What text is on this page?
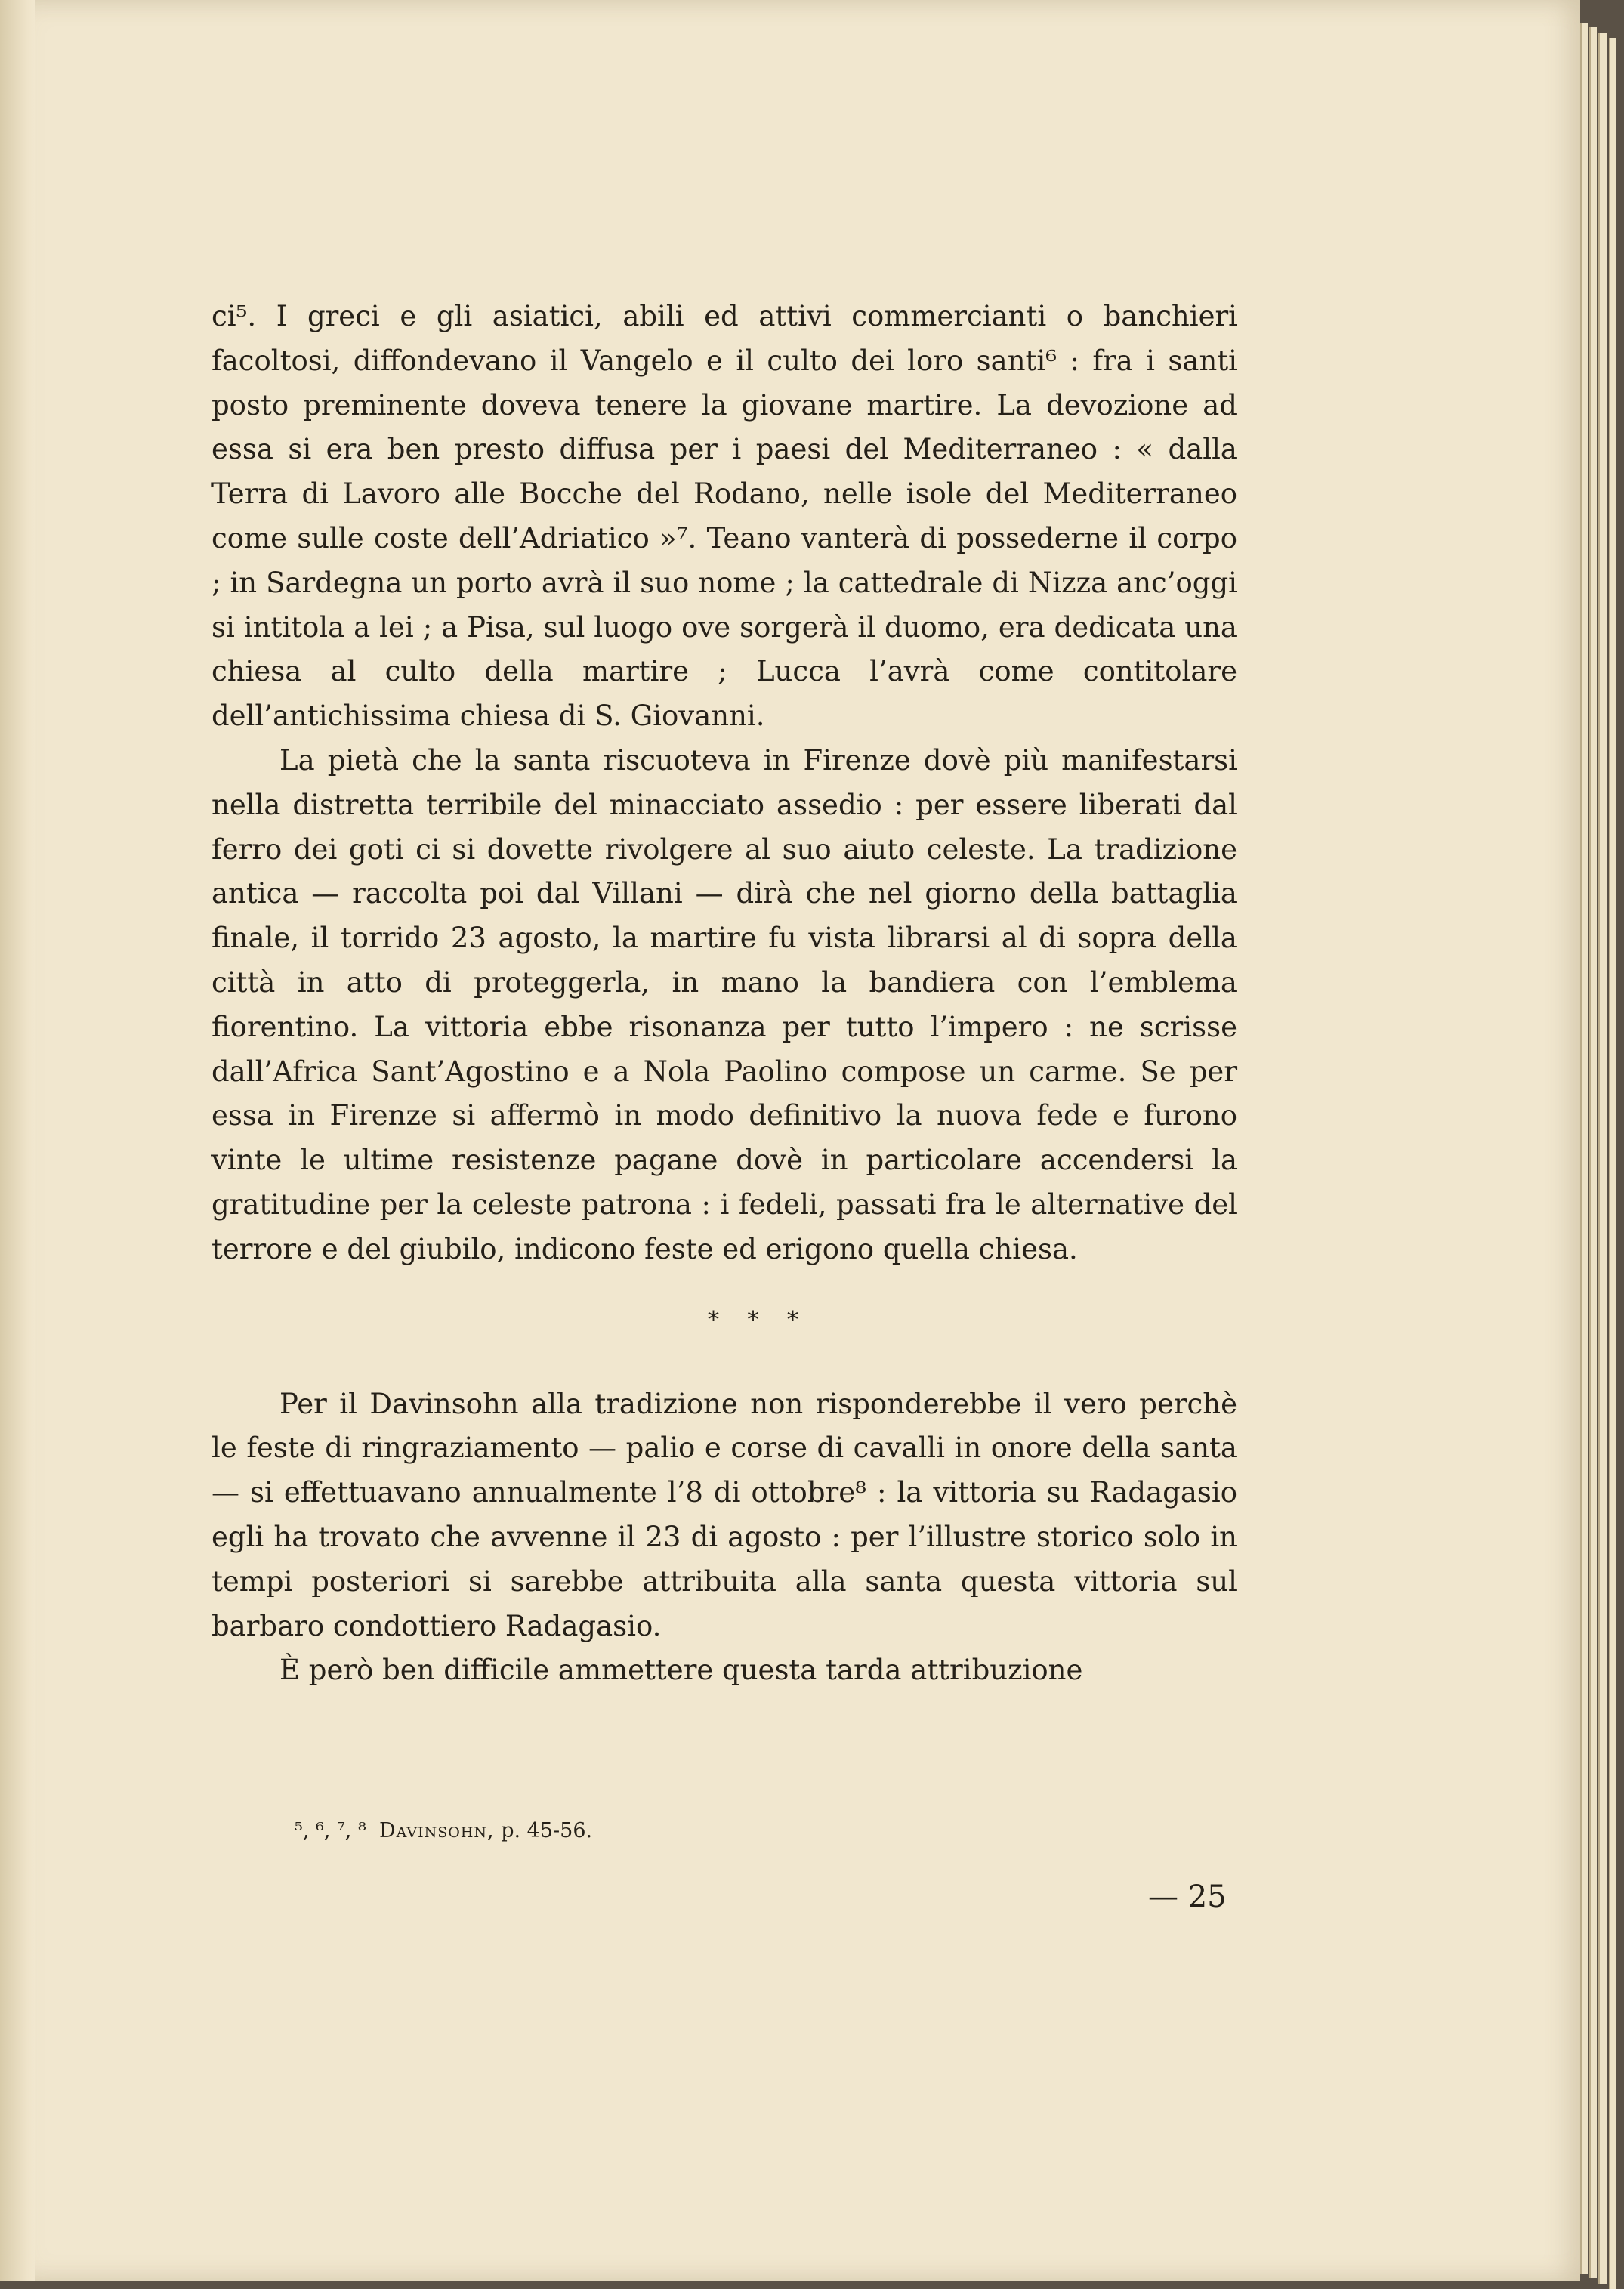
ci⁵. I greci e gli asiatici, abili ed attivi commercianti o banchieri facoltosi, diffondevano il Vangelo e il culto dei loro santi⁶ : fra i santi posto preminente doveva tenere la giovane martire. La devozione ad essa si era ben presto diffusa per i paesi del Mediterraneo : « dalla Terra di Lavoro alle Bocche del Rodano, nelle isole del Mediterraneo come sulle coste dell’Adriatico »⁷. Teano vanterà di possederne il corpo ; in Sardegna un porto avrà il suo nome ; la cattedrale di Nizza anc’oggi si intitola a lei ; a Pisa, sul luogo ove sorgerà il duomo, era dedicata una chiesa al culto della martire ; Lucca l’avrà come contitolare dell’antichissima chiesa di S. Giovanni.

La pietà che la santa riscuoteva in Firenze dovè più manifestarsi nella distretta terribile del minacciato assedio : per essere liberati dal ferro dei goti ci si dovette rivolgere al suo aiuto celeste. La tradizione antica — raccolta poi dal Villani — dirà che nel giorno della battaglia finale, il torrido 23 agosto, la martire fu vista librarsi al di sopra della città in atto di proteggerla, in mano la bandiera con l’emblema fiorentino. La vittoria ebbe risonanza per tutto l’impero : ne scrisse dall’Africa Sant’Agostino e a Nola Paolino compose un carme. Se per essa in Firenze si affermò in modo definitivo la nuova fede e furono vinte le ultime resistenze pagane dovè in particolare accendersi la gratitudine per la celeste patrona : i fedeli, passati fra le alternative del terrore e del giubilo, indicono feste ed erigono quella chiesa.

* * *

Per il Davinsohn alla tradizione non risponderebbe il vero perchè le feste di ringraziamento — palio e corse di cavalli in onore della santa — si effettuavano annualmente l’8 di ottobre⁸ : la vittoria su Radagasio egli ha trovato che avvenne il 23 di agosto : per l’illustre storico solo in tempi posteriori si sarebbe attribuita alla santa questa vittoria sul barbaro condottiero Radagasio.

È però ben difficile ammettere questa tarda attribuzione

⁵, ⁶, ⁷, ⁸ Davinsohn, p. 45-56.
— 25
